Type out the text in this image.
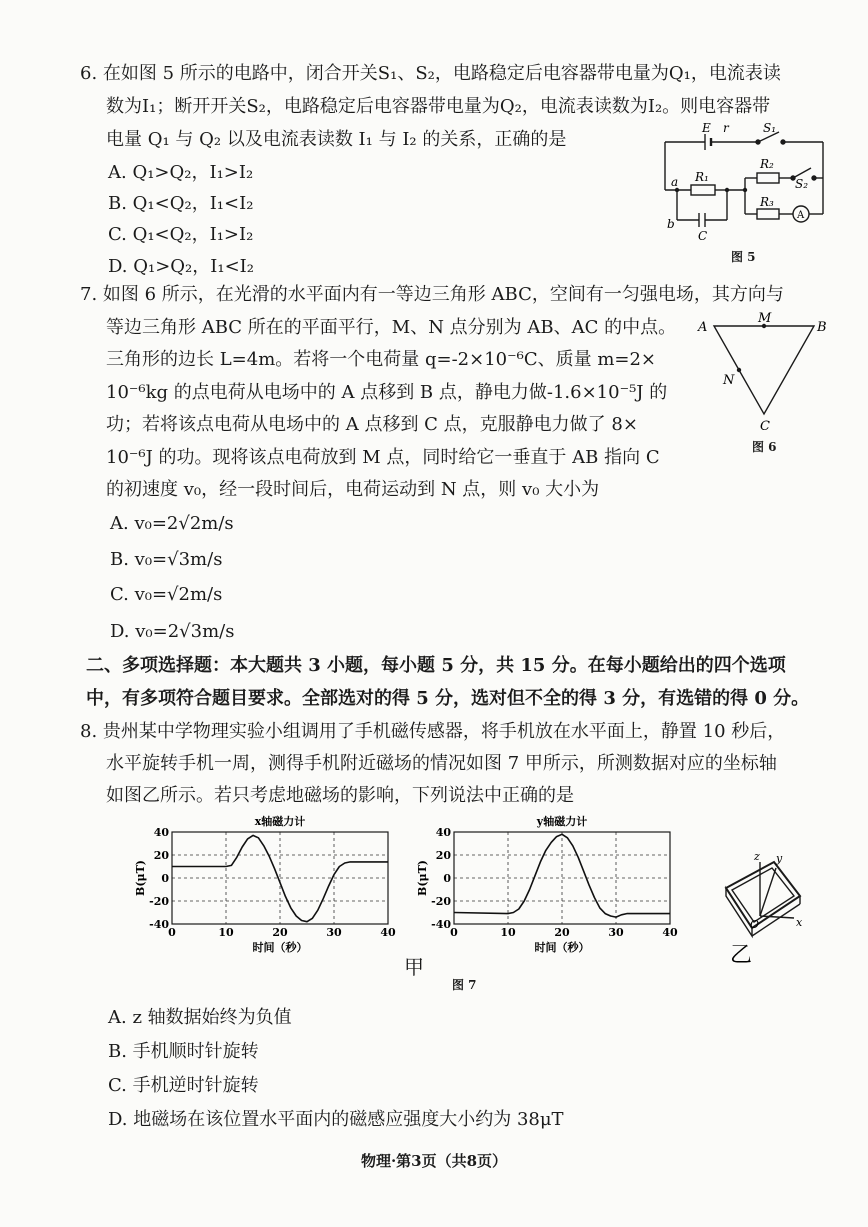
6. 在如图 5 所示的电路中，闭合开关S₁、S₂，电路稳定后电容器带电量为Q₁，电流表读
数为I₁；断开开关S₂，电路稳定后电容器带电量为Q₂，电流表读数为I₂。则电容器带
电量 Q₁ 与 Q₂ 以及电流表读数 I₁ 与 I₂ 的关系，正确的是
A. Q₁>Q₂，I₁>I₂
B. Q₁<Q₂，I₁<I₂
C. Q₁<Q₂，I₁>I₂
D. Q₁>Q₂，I₁<I₂
E r	S₁
R₂
S₂
R₁
R₃
A
a
b
C
图 5
7. 如图 6 所示，在光滑的水平面内有一等边三角形 ABC，空间有一匀强电场，其方向与
等边三角形 ABC 所在的平面平行，M、N 点分别为 AB、AC 的中点。
三角形的边长 L=4m。若将一个电荷量 q=-2×10⁻⁶C、质量 m=2×
10⁻⁶kg 的点电荷从电场中的 A 点移到 B 点，静电力做-1.6×10⁻⁵J 的
功；若将该点电荷从电场中的 A 点移到 C 点，克服静电力做了 8×
10⁻⁶J 的功。现将该点电荷放到 M 点，同时给它一垂直于 AB 指向 C
的初速度 v₀，经一段时间后，电荷运动到 N 点，则 v₀ 大小为
A. v₀=2√2m/s
B. v₀=√3m/s
C. v₀=√2m/s
D. v₀=2√3m/s
A	B
C
M
N
图 6
二、多项选择题：本大题共 3 小题，每小题 5 分，共 15 分。在每小题给出的四个选项
中，有多项符合题目要求。全部选对的得 5 分，选对但不全的得 3 分，有选错的得 0 分。
8. 贵州某中学物理实验小组调用了手机磁传感器，将手机放在水平面上，静置 10 秒后，
水平旋转手机一周，测得手机附近磁场的情况如图 7 甲所示，所测数据对应的坐标轴
如图乙所示。若只考虑地磁场的影响，下列说法中正确的是
x轴磁力计
40
20
0
-20
-40
0	10	20	30	40
时间（秒）
B(μT)
y轴磁力计
40
20
0
-20
-40
0	10	20	30	40
时间（秒）
B(μT)
z y
x
O
乙
甲
图 7
A. z 轴数据始终为负值
B. 手机顺时针旋转
C. 手机逆时针旋转
D. 地磁场在该位置水平面内的磁感应强度大小约为 38μT
物理·第3页（共8页）
